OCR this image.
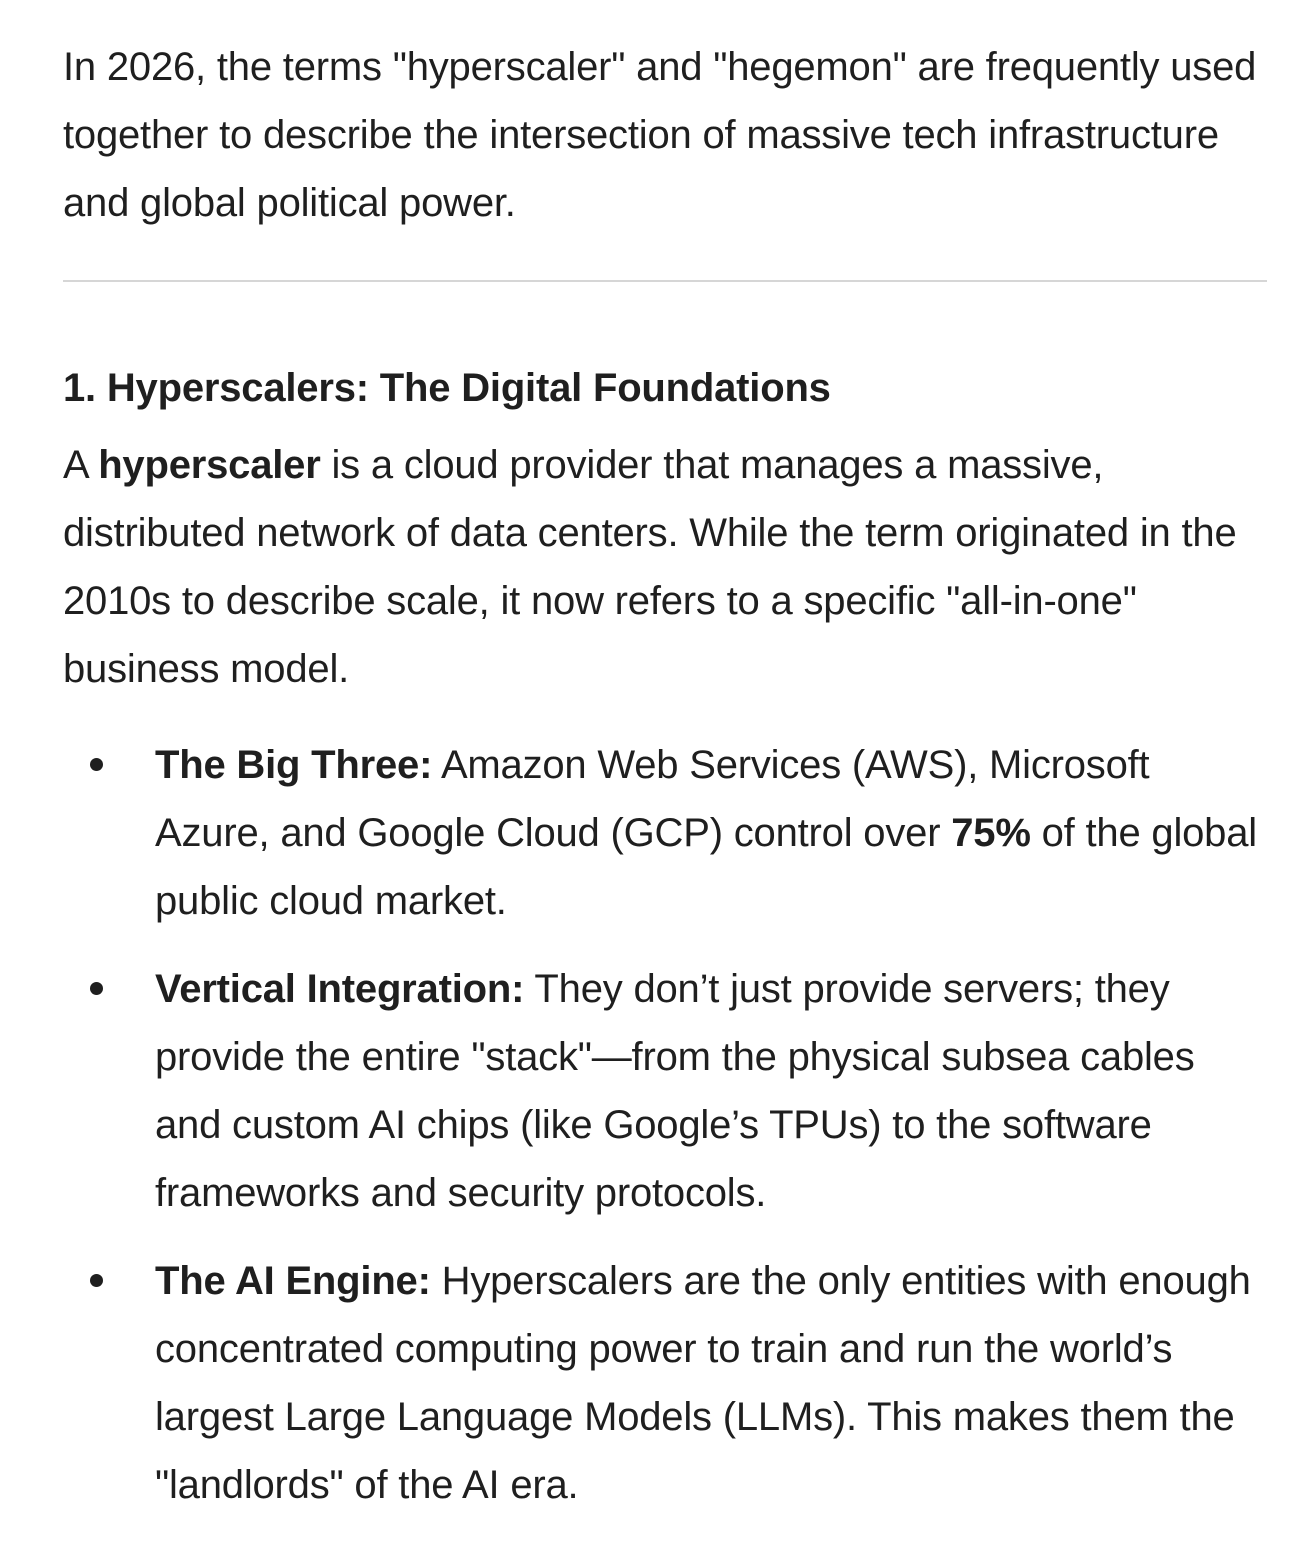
In 2026, the terms "hyperscaler" and "hegemon" are frequently used together to describe the intersection of massive tech infrastructure and global political power.

1. Hyperscalers: The Digital Foundations

A hyperscaler is a cloud provider that manages a massive, distributed network of data centers. While the term originated in the 2010s to describe scale, it now refers to a specific "all-in-one" business model.

The Big Three: Amazon Web Services (AWS), Microsoft Azure, and Google Cloud (GCP) control over 75% of the global public cloud market.
Vertical Integration: They don’t just provide servers; they provide the entire "stack"—from the physical subsea cables and custom AI chips (like Google’s TPUs) to the software frameworks and security protocols.
The AI Engine: Hyperscalers are the only entities with enough concentrated computing power to train and run the world’s largest Large Language Models (LLMs). This makes them the "landlords" of the AI era.
